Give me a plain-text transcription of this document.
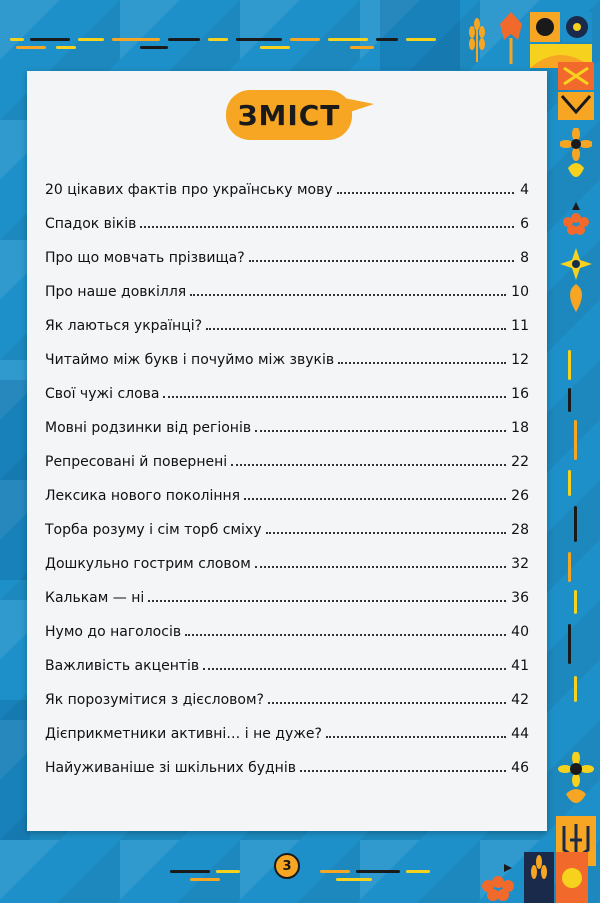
ЗМІСТ
20 цікавих фактів про українську мову	4
Спадок віків	6
Про що мовчать прізвища?	8
Про наше довкілля	10
Як лаються українці?	11
Читаймо між букв і почуймо між звуків	12
Свої чужі слова	16
Мовні родзинки від регіонів	18
Репресовані й повернені	22
Лексика нового покоління	26
Торба розуму і сім торб сміху	28
Дошкульно гострим словом	32
Калькам — ні	36
Нумо до наголосів	40
Важливість акцентів	41
Як порозумітися з дієсловом?	42
Дієприкметники активні… і не дуже?	44
Найуживаніше зі шкільних буднів	46
3
